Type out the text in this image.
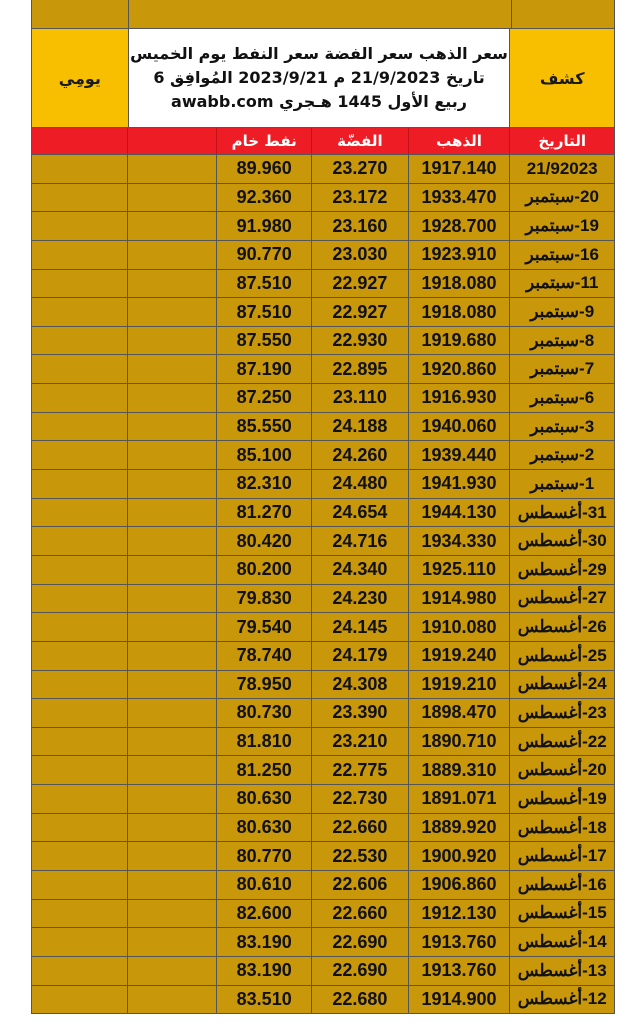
يومِي
سعر الذهب سعر الفضة سعر النفط يوم الخميس
تاريخ 21/9/2023 م 2023/9/21 المُوافِق 6
ربيع الأول 1445 هـجري awabb.com
كشف
نفط خام	الفضّة	الذهب	التاريخ
89.960	23.270	1917.140	21/92023
92.360	23.172	1933.470	20-سبتمبر
91.980	23.160	1928.700	19-سبتمبر
90.770	23.030	1923.910	16-سبتمبر
87.510	22.927	1918.080	11-سبتمبر
87.510	22.927	1918.080	9-سبتمبر
87.550	22.930	1919.680	8-سبتمبر
87.190	22.895	1920.860	7-سبتمبر
87.250	23.110	1916.930	6-سبتمبر
85.550	24.188	1940.060	3-سبتمبر
85.100	24.260	1939.440	2-سبتمبر
82.310	24.480	1941.930	1-سبتمبر
81.270	24.654	1944.130	31-أغسطس
80.420	24.716	1934.330	30-أغسطس
80.200	24.340	1925.110	29-أغسطس
79.830	24.230	1914.980	27-أغسطس
79.540	24.145	1910.080	26-أغسطس
78.740	24.179	1919.240	25-أغسطس
78.950	24.308	1919.210	24-أغسطس
80.730	23.390	1898.470	23-أغسطس
81.810	23.210	1890.710	22-أغسطس
81.250	22.775	1889.310	20-أغسطس
80.630	22.730	1891.071	19-أغسطس
80.630	22.660	1889.920	18-أغسطس
80.770	22.530	1900.920	17-أغسطس
80.610	22.606	1906.860	16-أغسطس
82.600	22.660	1912.130	15-أغسطس
83.190	22.690	1913.760	14-أغسطس
83.190	22.690	1913.760	13-أغسطس
83.510	22.680	1914.900	12-أغسطس
